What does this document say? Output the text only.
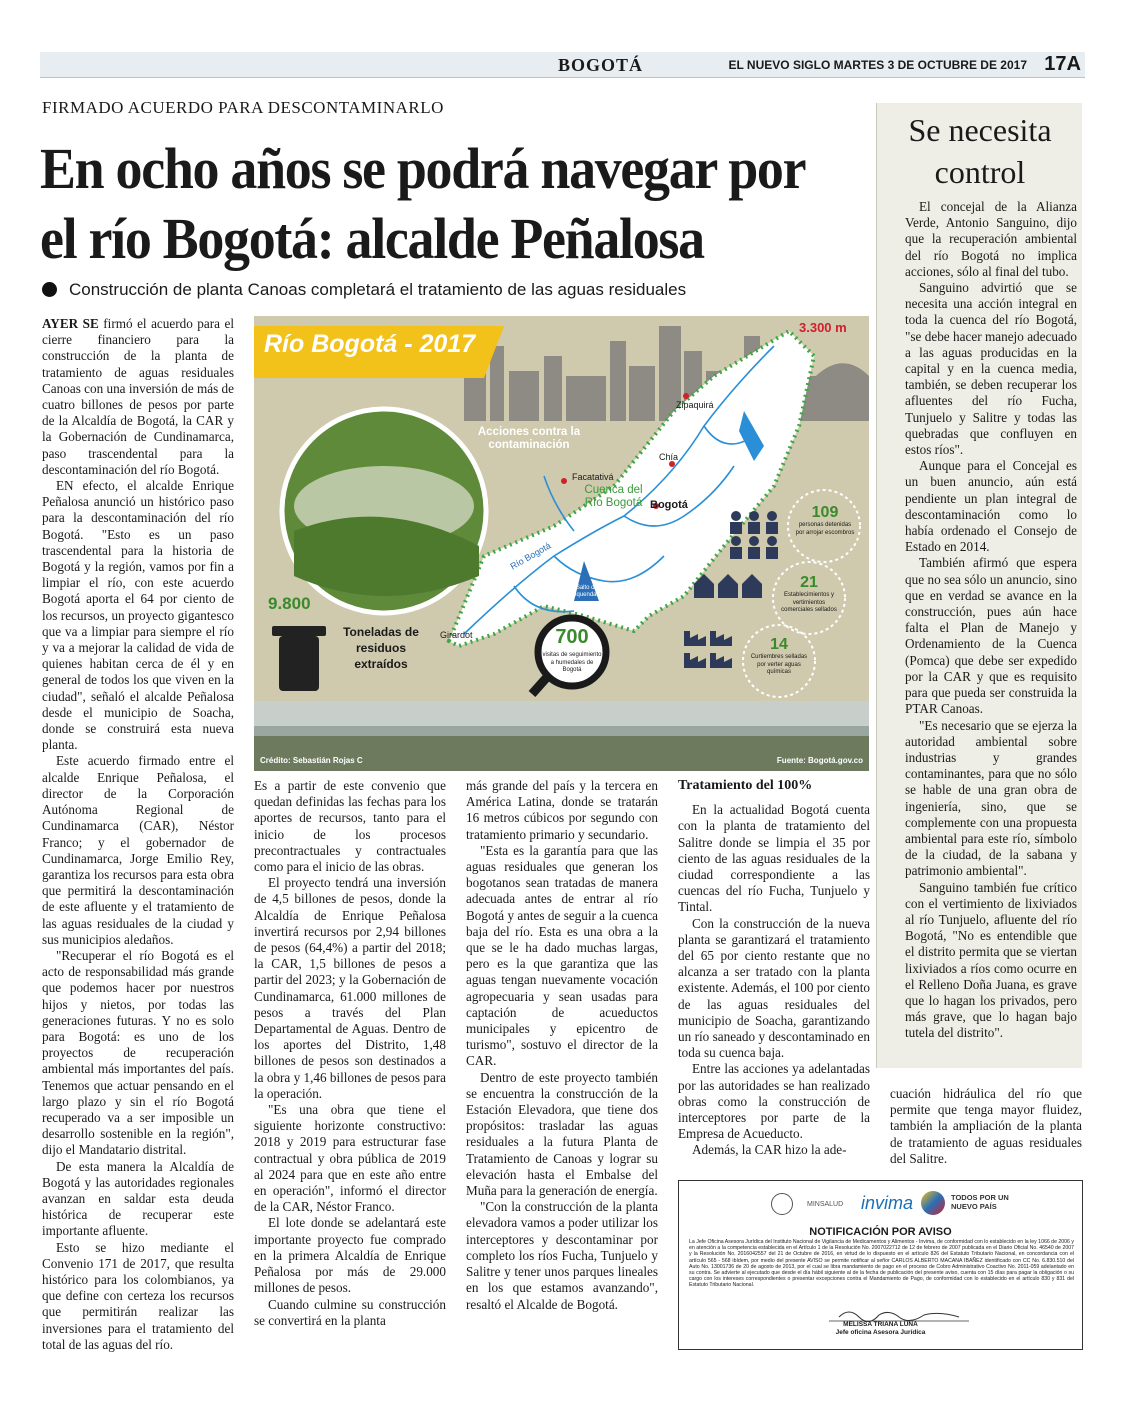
BOGOTÁ	EL NUEVO SIGLO MARTES 3 DE OCTUBRE DE 2017 17A
FIRMADO ACUERDO PARA DESCONTAMINARLO
En ocho años se podrá navegar por el río Bogotá: alcalde Peñalosa
Construcción de planta Canoas completará el tratamiento de las aguas residuales

AYER SE firmó el acuerdo para el cierre financiero para la construcción de la planta de tratamiento de aguas residuales Canoas con una inversión de más de cuatro billones de pesos por parte de la Alcaldía de Bogotá, la CAR y la Gobernación de Cundinamarca, paso trascendental para la descontaminación del río Bogotá.

EN efecto, el alcalde Enrique Peñalosa anunció un histórico paso para la descontaminación del río Bogotá. "Esto es un paso trascendental para la historia de Bogotá y la región, vamos por fin a limpiar el río, con este acuerdo Bogotá aporta el 64 por ciento de los recursos, un proyecto gigantesco que va a limpiar para siempre el río y va a mejorar la calidad de vida de quienes habitan cerca de él y en general de todos los que viven en la ciudad", señaló el alcalde Peñalosa desde el municipio de Soacha, donde se construirá esta nueva planta.

Este acuerdo firmado entre el alcalde Enrique Peñalosa, el director de la Corporación Autónoma Regional de Cundinamarca (CAR), Néstor Franco; y el gobernador de Cundinamarca, Jorge Emilio Rey, garantiza los recursos para esta obra que permitirá la descontaminación de este afluente y el tratamiento de las aguas residuales de la ciudad y sus municipios aledaños.

"Recuperar el río Bogotá es el acto de responsabilidad más grande que podemos hacer por nuestros hijos y nietos, por todas las generaciones futuras. Y no es solo para Bogotá: es uno de los proyectos de recuperación ambiental más importantes del país. Tenemos que actuar pensando en el largo plazo y sin el río Bogotá recuperado va a ser imposible un desarrollo sostenible en la región", dijo el Mandatario distrital.

De esta manera la Alcaldía de Bogotá y las autoridades regionales avanzan en saldar esta deuda histórica de recuperar este importante afluente.

Esto se hizo mediante el Convenio 171 de 2017, que resulta histórico para los colombianos, ya que define con certeza los recursos que permitirán realizar las inversiones para el tratamiento del total de las aguas del río.

Río Bogotá - 2017
3.300 m
Acciones contra la contaminación
Cuenca del Río Bogotá
Río Bogotá
Salto del Tequendama
Zipaquirá
Chía
Facatativá
Bogotá
Girardot
9.800
Toneladas de residuos extraídos
700
visitas de seguimiento a humedales de Bogotá
109
personas detenidas por arrojar escombros
21
Establecimientos y vertimientos comerciales sellados
14
Curtiembres selladas por verter aguas químicas
Crédito: Sebastián Rojas C	Fuente: Bogotá.gov.co

Es a partir de este convenio que quedan definidas las fechas para los aportes de recursos, tanto para el inicio de los procesos precontractuales y contractuales como para el inicio de las obras.

El proyecto tendrá una inversión de 4,5 billones de pesos, donde la Alcaldía de Enrique Peñalosa invertirá recursos por 2,94 billones de pesos (64,4%) a partir del 2018; la CAR, 1,5 billones de pesos a partir del 2023; y la Gobernación de Cundinamarca, 61.000 millones de pesos a través del Plan Departamental de Aguas. Dentro de los aportes del Distrito, 1,48 billones de pesos son destinados a la obra y 1,46 billones de pesos para la operación.

"Es una obra que tiene el siguiente horizonte constructivo: 2018 y 2019 para estructurar fase contractual y obra pública de 2019 al 2024 para que en este año entre en operación", informó el director de la CAR, Néstor Franco.

El lote donde se adelantará este importante proyecto fue comprado en la primera Alcaldía de Enrique Peñalosa por más de 29.000 millones de pesos.

Cuando culmine su construcción se convertirá en la planta

más grande del país y la tercera en América Latina, donde se tratarán 16 metros cúbicos por segundo con tratamiento primario y secundario.

"Esta es la garantía para que las aguas residuales que generan los bogotanos sean tratadas de manera adecuada antes de entrar al río Bogotá y antes de seguir a la cuenca baja del río. Esta es una obra a la que se le ha dado muchas largas, pero es la que garantiza que las aguas tengan nuevamente vocación agropecuaria y sean usadas para captación de acueductos municipales y epicentro de turismo", sostuvo el director de la CAR.

Dentro de este proyecto también se encuentra la construcción de la Estación Elevadora, que tiene dos propósitos: trasladar las aguas residuales a la futura Planta de Tratamiento de Canoas y lograr su elevación hasta el Embalse del Muña para la generación de energía.

"Con la construcción de la planta elevadora vamos a poder utilizar los interceptores y descontaminar por completo los ríos Fucha, Tunjuelo y Salitre y tener unos parques lineales en los que estamos avanzando", resaltó el Alcalde de Bogotá.

Tratamiento del 100%

En la actualidad Bogotá cuenta con la planta de tratamiento del Salitre donde se limpia el 35 por ciento de las aguas residuales de la ciudad correspondiente a las cuencas del río Fucha, Tunjuelo y Tintal.

Con la construcción de la nueva planta se garantizará el tratamiento del 65 por ciento restante que no alcanza a ser tratado con la planta existente. Además, el 100 por ciento de las aguas residuales del municipio de Soacha, garantizando un río saneado y descontaminado en toda su cuenca baja.

Entre las acciones ya adelantadas por las autoridades se han realizado obras como la construcción de interceptores por parte de la Empresa de Acueducto.

Además, la CAR hizo la ade-

Se necesita control

El concejal de la Alianza Verde, Antonio Sanguino, dijo que la recuperación ambiental del río Bogotá no implica acciones, sólo al final del tubo.

Sanguino advirtió que se necesita una acción integral en toda la cuenca del río Bogotá, "se debe hacer manejo adecuado a las aguas producidas en la capital y en la cuenca media, también, se deben recuperar los afluentes del río Fucha, Tunjuelo y Salitre y todas las quebradas que confluyen en estos ríos".

Aunque para el Concejal es un buen anuncio, aún está pendiente un plan integral de descontaminación como lo había ordenado el Consejo de Estado en 2014.

También afirmó que espera que no sea sólo un anuncio, sino que en verdad se avance en la construcción, pues aún hace falta el Plan de Manejo y Ordenamiento de la Cuenca (Pomca) que debe ser expedido por la CAR y que es requisito para que pueda ser construida la PTAR Canoas.

"Es necesario que se ejerza la autoridad ambiental sobre industrias y grandes contaminantes, para que no sólo se hable de una gran obra de ingeniería, sino, que se complemente con una propuesta ambiental para este río, símbolo de la ciudad, de la sabana y patrimonio ambiental".

Sanguino también fue crítico con el vertimiento de lixiviados al río Tunjuelo, afluente del río Bogotá, "No es entendible que el distrito permita que se viertan lixiviados a ríos como ocurre en el Relleno Doña Juana, es grave que lo hagan los privados, pero más grave, que lo hagan bajo tutela del distrito".

cuación hidráulica del río que permite que tenga mayor fluidez, también la ampliación de la planta de tratamiento de aguas residuales del Salitre.

MINSALUD invima	TODOS POR UN NUEVO PAÍS
NOTIFICACIÓN POR AVISO
La Jefe Oficina Asesora Jurídica del Instituto Nacional de Vigilancia de Medicamentos y Alimentos - Invima, de conformidad con lo establecido en la ley 1066 de 2006 y en atención a la competencia establecida en el Artículo 1 de la Resolución No. 2007022712 de 12 de febrero de 2007 publicada en el Diario Oficial No. 46540 de 2007 y la Resolución No. 2016042557 del 21 de Octubre de 2016, en virtud de lo dispuesto en el artículo 826 del Estatuto Tributario Nacional, en concordancia con el artículo 565 - 568 ibídem, por medio del presente AVISO se permite notificar al señor CARLOS ALBERTO MACANA IBAÑEZ identificado con CC No. 6.830.510 del Auto No. 13001736 de 20 de agosto de 2013, por el cual se libra mandamiento de pago en el proceso de Cobro Administrativo Coactivo No. 2011-059 adelantado en su contra. Se advierte al ejecutado que desde el día hábil siguiente al de la fecha de publicación del presente aviso, cuenta con 15 días para pagar la obligación o su cargo con los intereses correspondientes o presentar excepciones contra el Mandamiento de Pago, de conformidad con lo establecido en el artículo 830 y 831 del Estatuto Tributario Nacional.
MELISSA TRIANA LUNA
Jefe oficina Asesora Jurídica
